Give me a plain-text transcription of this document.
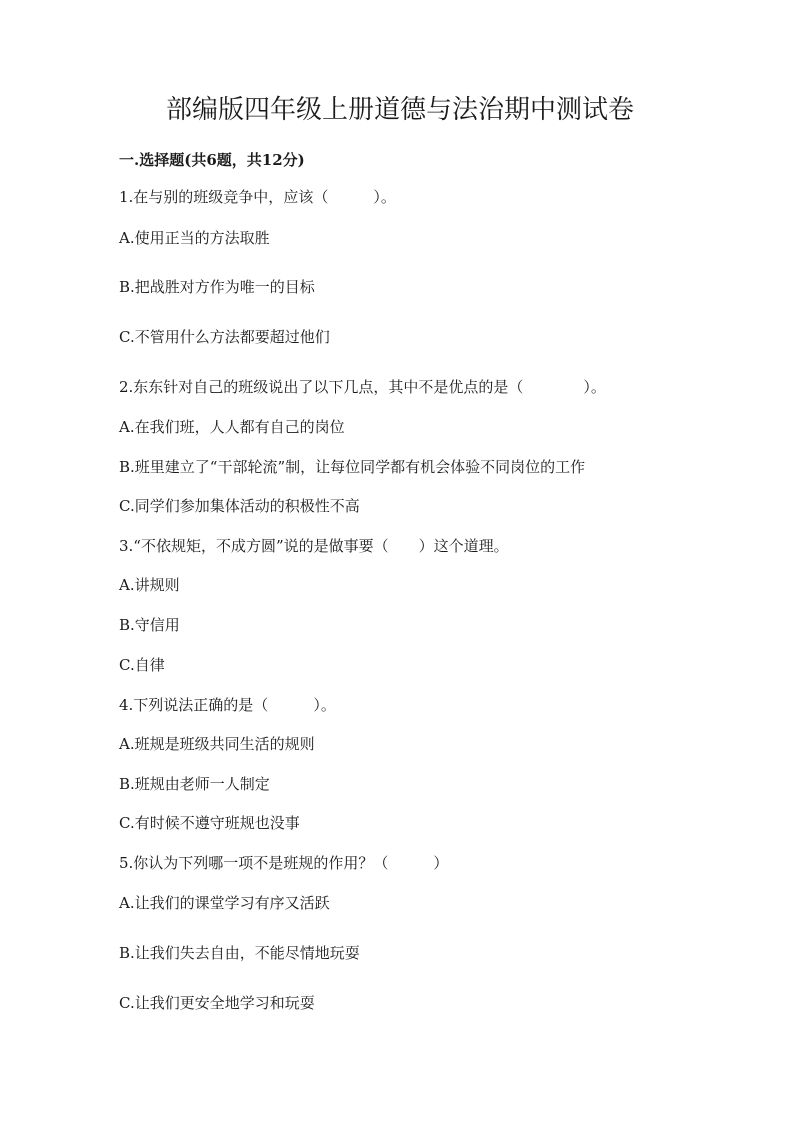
部编版四年级上册道德与法治期中测试卷
一.选择题(共6题，共12分)
1.在与别的班级竞争中，应该（　　　）。
A.使用正当的方法取胜
B.把战胜对方作为唯一的目标
C.不管用什么方法都要超过他们
2.东东针对自己的班级说出了以下几点，其中不是优点的是（　　　　）。
A.在我们班，人人都有自己的岗位
B.班里建立了“干部轮流”制，让每位同学都有机会体验不同岗位的工作
C.同学们参加集体活动的积极性不高
3.“不依规矩，不成方圆”说的是做事要（　　）这个道理。
A.讲规则
B.守信用
C.自律
4.下列说法正确的是（　　　）。
A.班规是班级共同生活的规则
B.班规由老师一人制定
C.有时候不遵守班规也没事
5.你认为下列哪一项不是班规的作用？（　　　）
A.让我们的课堂学习有序又活跃
B.让我们失去自由，不能尽情地玩耍
C.让我们更安全地学习和玩耍
